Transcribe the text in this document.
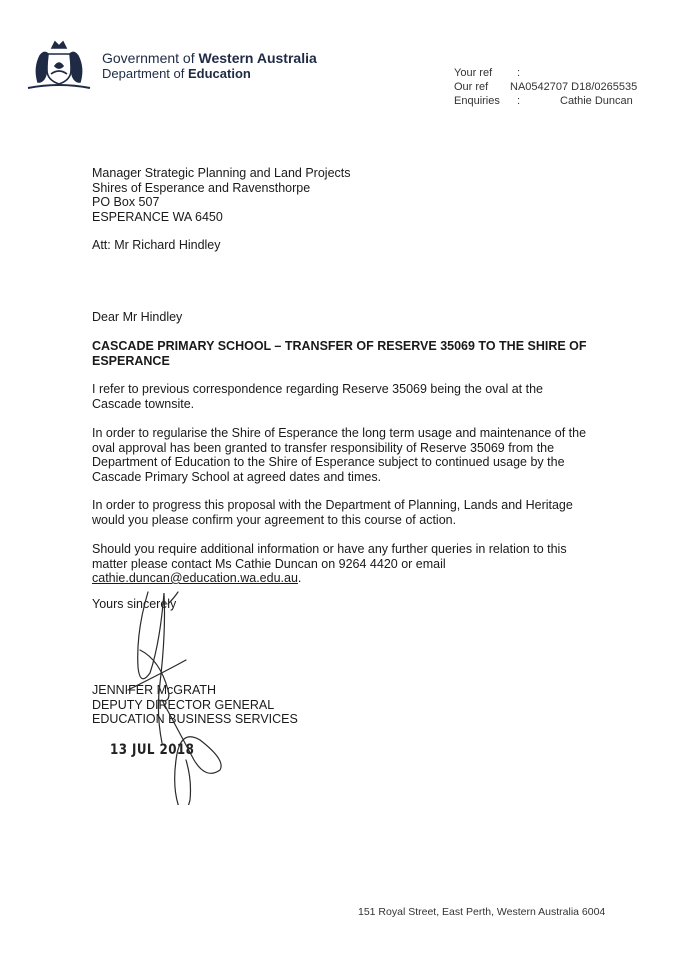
Government of Western Australia
Department of Education	Your ref :
Our ref NA0542707 D18/0265535
Enquiries :	Cathie Duncan
Manager Strategic Planning and Land Projects
Shires of Esperance and Ravensthorpe
PO Box 507
ESPERANCE WA 6450
Att: Mr Richard Hindley
Dear Mr Hindley
CASCADE PRIMARY SCHOOL – TRANSFER OF RESERVE 35069 TO THE SHIRE OF ESPERANCE
I refer to previous correspondence regarding Reserve 35069 being the oval at the Cascade townsite.
In order to regularise the Shire of Esperance the long term usage and maintenance of the oval approval has been granted to transfer responsibility of Reserve 35069 from the Department of Education to the Shire of Esperance subject to continued usage by the Cascade Primary School at agreed dates and times.
In order to progress this proposal with the Department of Planning, Lands and Heritage would you please confirm your agreement to this course of action.
Should you require additional information or have any further queries in relation to this matter please contact Ms Cathie Duncan on 9264 4420 or email cathie.duncan@education.wa.edu.au.
Yours sincerely
JENNIFER McGRATH
DEPUTY DIRECTOR GENERAL
EDUCATION BUSINESS SERVICES
13 JUL 2018
151 Royal Street, East Perth, Western Australia 6004
